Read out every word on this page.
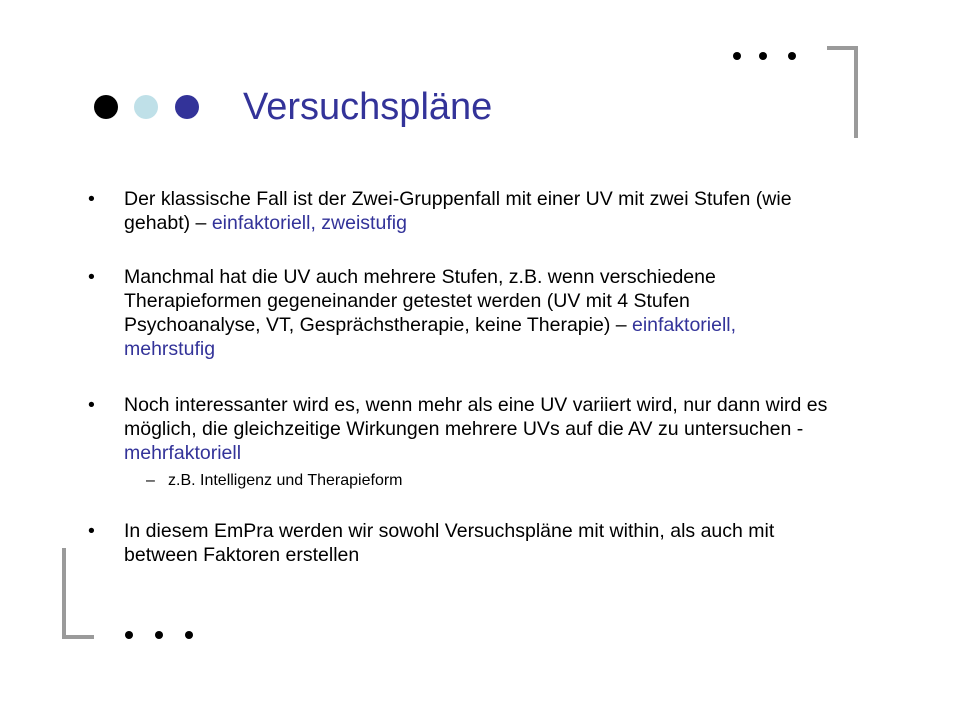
Versuchspläne
• Der klassische Fall ist der Zwei-Gruppenfall mit einer UV mit zwei Stufen (wie gehabt) – einfaktoriell, zweistufig
• Manchmal hat die UV auch mehrere Stufen, z.B. wenn verschiedene Therapieformen gegeneinander getestet werden (UV mit 4 Stufen Psychoanalyse, VT, Gesprächstherapie, keine Therapie) – einfaktoriell, mehrstufig
• Noch interessanter wird es, wenn mehr als eine UV variiert wird, nur dann wird es möglich, die gleichzeitige Wirkungen mehrere UVs auf die AV zu untersuchen - mehrfaktoriell
– z.B. Intelligenz und Therapieform
• In diesem EmPra werden wir sowohl Versuchspläne mit within, als auch mit between Faktoren erstellen
